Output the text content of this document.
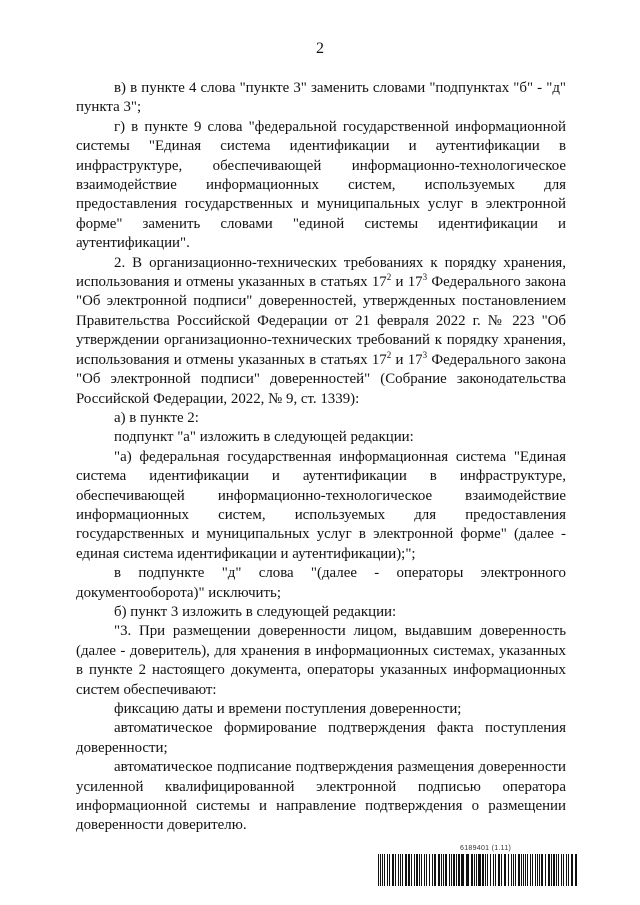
2

в) в пункте 4 слова "пункте 3" заменить словами "подпунктах "б" - "д" пункта 3";

г) в пункте 9 слова "федеральной государственной информационной системы "Единая система идентификации и аутентификации в инфраструктуре, обеспечивающей информационно-технологическое взаимодействие информационных систем, используемых для предоставления государственных и муниципальных услуг в электронной форме" заменить словами "единой системы идентификации и аутентификации".

2. В организационно-технических требованиях к порядку хранения, использования и отмены указанных в статьях $17^2$ и $17^3$ Федерального закона "Об электронной подписи" доверенностей, утвержденных постановлением Правительства Российской Федерации от 21 февраля 2022 г. № 223 "Об утверждении организационно-технических требований к порядку хранения, использования и отмены указанных в статьях $17^2$ и $17^3$ Федерального закона "Об электронной подписи" доверенностей" (Собрание законодательства Российской Федерации, 2022, № 9, ст. 1339):

а) в пункте 2:

подпункт "а" изложить в следующей редакции:

"а) федеральная государственная информационная система "Единая система идентификации и аутентификации в инфраструктуре, обеспечивающей информационно-технологическое взаимодействие информационных систем, используемых для предоставления государственных и муниципальных услуг в электронной форме" (далее - единая система идентификации и аутентификации);";

в подпункте "д" слова "(далее - операторы электронного документооборота)" исключить;

б) пункт 3 изложить в следующей редакции:

"3. При размещении доверенности лицом, выдавшим доверенность (далее - доверитель), для хранения в информационных системах, указанных в пункте 2 настоящего документа, операторы указанных информационных систем обеспечивают:

фиксацию даты и времени поступления доверенности;

автоматическое формирование подтверждения факта поступления доверенности;

автоматическое подписание подтверждения размещения доверенности усиленной квалифицированной электронной подписью оператора информационной системы и направление подтверждения о размещении доверенности доверителю.

6189401 (1.11)
